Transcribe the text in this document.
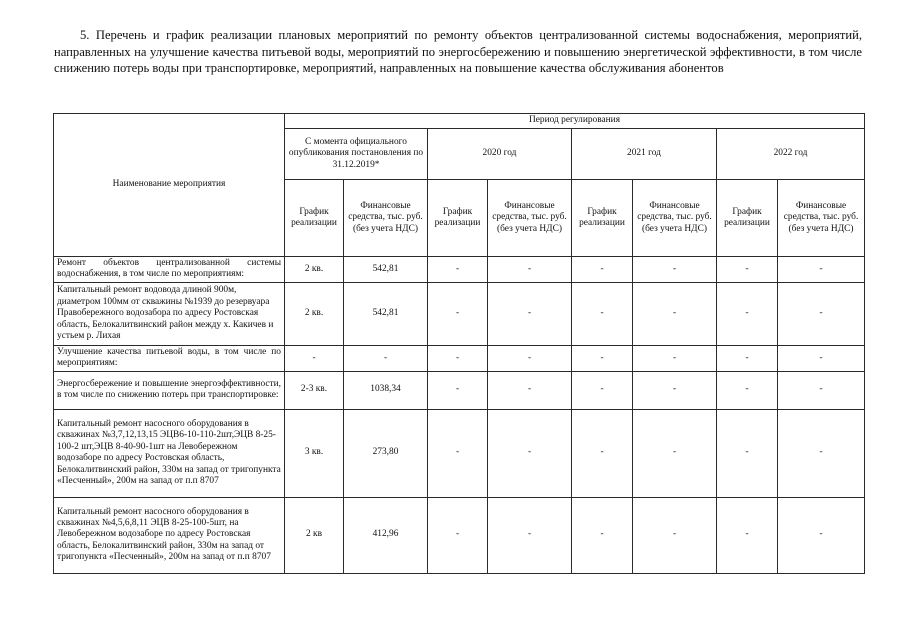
5. Перечень и график реализации плановых мероприятий по ремонту объектов централизованной системы водоснабжения, мероприятий, направленных на улучшение качества питьевой воды, мероприятий по энергосбережению и повышению энергетической эффективности, в том числе снижению потерь воды при транспортировке, мероприятий, направленных на повышение качества обслуживания абонентов

Наименование мероприятия	Период регулирования							
	С момента официального опубликования постановления по 31.12.2019*		2020 год		2021 год		2022 год	
	График реализации	Финансовые средства, тыс. руб. (без учета НДС)	График реализации	Финансовые средства, тыс. руб. (без учета НДС)	График реализации	Финансовые средства, тыс. руб. (без учета НДС)	График реализации	Финансовые средства, тыс. руб. (без учета НДС)
Ремонт объектов централизованной системы водоснабжения, в том числе по мероприятиям:	2 кв.	542,81	-	-	-	-	-	-
Капитальный ремонт водовода длиной 900м, диаметром 100мм от скважины №1939 до резервуара Правобережного водозабора по адресу Ростовская область, Белокалитвинский район между х. Какичев и устьем р. Лихая	2 кв.	542,81	-	-	-	-	-	-
Улучшение качества питьевой воды, в том числе по мероприятиям:	-	-	-	-	-	-	-	-
Энергосбережение и повышение энергоэффективности, в том числе по снижению потерь при транспортировке:	2-3 кв.	1038,34	-	-	-	-	-	-
Капитальный ремонт насосного оборудования в скважинах №3,7,12,13,15 ЭЦВ6-10-110-2шт,ЭЦВ 8-25-100-2 шт,ЭЦВ 8-40-90-1шт на Левобережном водозаборе по адресу Ростовская область, Белокалитвинский район, 330м на запад от тригопункта «Песченный», 200м на запад от п.п 8707	3 кв.	273,80	-	-	-	-	-	-
Капитальный ремонт насосного оборудования в скважинах №4,5,6,8,11 ЭЦВ 8-25-100-5шт, на Левобережном водозаборе по адресу Ростовская область, Белокалитвинский район, 330м на запад от тригопункта «Песченный», 200м на запад от п.п 8707	2 кв	412,96	-	-	-	-	-	-
